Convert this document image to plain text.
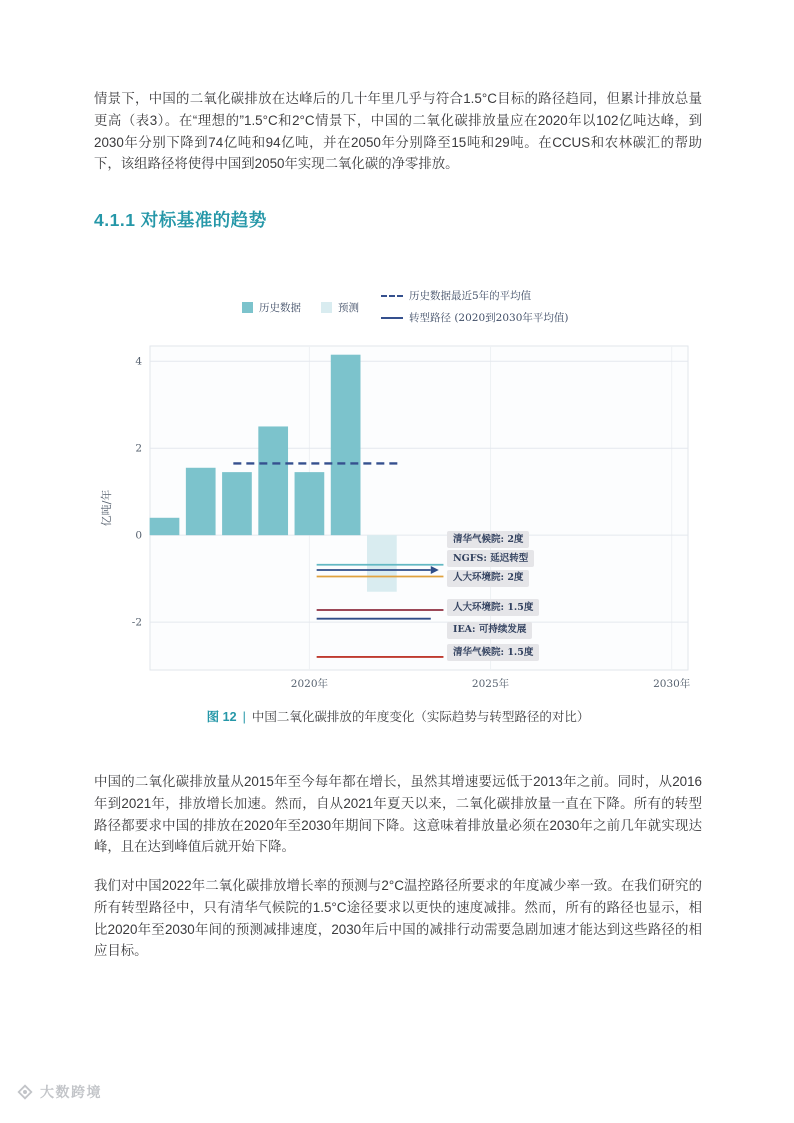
情景下，中国的二氧化碳排放在达峰后的几十年里几乎与符合1.5°C目标的路径趋同，但累计排放总量更高（表3）。在“理想的”1.5°C和2°C情景下，中国的二氧化碳排放量应在2020年以102亿吨达峰，到2030年分别下降到74亿吨和94亿吨，并在2050年分别降至15吨和29吨。在CCUS和农林碳汇的帮助下，该组路径将使得中国到2050年实现二氧化碳的净零排放。

4.1.1 对标基准的趋势
历史数据	预测
历史数据最近5年的平均值
转型路径 (2020到2030年平均值)
4
2
0
-2
2020年	2025年	2030年
亿吨/年
清华气候院: 2度
NGFS: 延迟转型
人大环境院: 2度
人大环境院: 1.5度
IEA: 可持续发展
清华气候院: 1.5度

图 12 | 中国二氧化碳排放的年度变化（实际趋势与转型路径的对比）

中国的二氧化碳排放量从2015年至今每年都在增长，虽然其增速要远低于2013年之前。同时，从2016年到2021年，排放增长加速。然而，自从2021年夏天以来，二氧化碳排放量一直在下降。所有的转型路径都要求中国的排放在2020年至2030年期间下降。这意味着排放量必须在2030年之前几年就实现达峰，且在达到峰值后就开始下降。

我们对中国2022年二氧化碳排放增长率的预测与2°C温控路径所要求的年度减少率一致。在我们研究的所有转型路径中，只有清华气候院的1.5°C途径要求以更快的速度减排。然而，所有的路径也显示，相比2020年至2030年间的预测减排速度，2030年后中国的减排行动需要急剧加速才能达到这些路径的相应目标。

大数跨境
